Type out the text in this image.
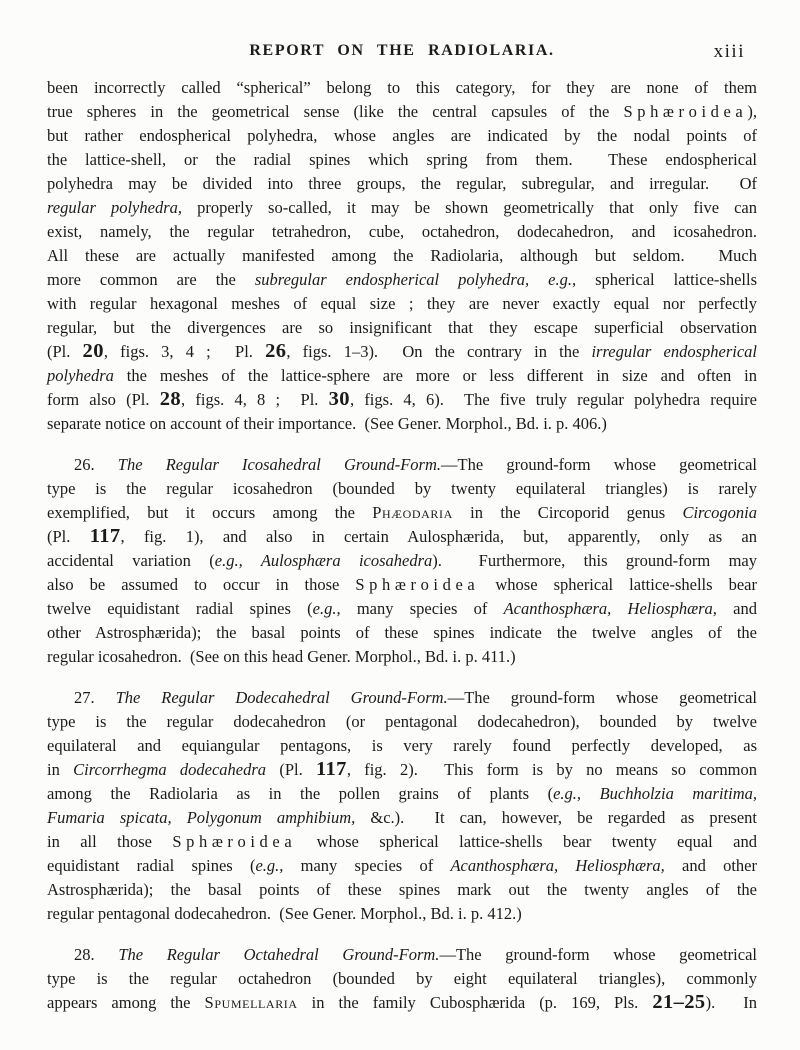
REPORT ON THE RADIOLARIA.	xiii
been incorrectly called “spherical” belong to this category, for they are none of them
true spheres in the geometrical sense (like the central capsules of the Sphæroidea),
but rather endospherical polyhedra, whose angles are indicated by the nodal points of
the lattice-shell, or the radial spines which spring from them.  These endospherical
polyhedra may be divided into three groups, the regular, subregular, and irregular.  Of
regular polyhedra, properly so-called, it may be shown geometrically that only five can
exist, namely, the regular tetrahedron, cube, octahedron, dodecahedron, and icosahedron.
All these are actually manifested among the Radiolaria, although but seldom.  Much
more common are the subregular endospherical polyhedra, e.g., spherical lattice-shells
with regular hexagonal meshes of equal size ; they are never exactly equal nor perfectly
regular, but the divergences are so insignificant that they escape superficial observation
(Pl. 20, figs. 3, 4 ;  Pl. 26, figs. 1–3).  On the contrary in the irregular endospherical
polyhedra the meshes of the lattice-sphere are more or less different in size and often in
form also (Pl. 28, figs. 4, 8 ;  Pl. 30, figs. 4, 6).  The five truly regular polyhedra require
separate notice on account of their importance.  (See Gener. Morphol., Bd. i. p. 406.)
26. The Regular Icosahedral Ground-Form.—The ground-form whose geometrical
type is the regular icosahedron (bounded by twenty equilateral triangles) is rarely
exemplified, but it occurs among the Phæodaria in the Circoporid genus Circogonia
(Pl. 117, fig. 1), and also in certain Aulosphærida, but, apparently, only as an
accidental variation (e.g., Aulosphæra icosahedra).  Furthermore, this ground-form may
also be assumed to occur in those Sphæroidea whose spherical lattice-shells bear
twelve equidistant radial spines (e.g., many species of Acanthosphæra, Heliosphæra, and
other Astrosphærida); the basal points of these spines indicate the twelve angles of the
regular icosahedron.  (See on this head Gener. Morphol., Bd. i. p. 411.)
27. The Regular Dodecahedral Ground-Form.—The ground-form whose geometrical
type is the regular dodecahedron (or pentagonal dodecahedron), bounded by twelve
equilateral and equiangular pentagons, is very rarely found perfectly developed, as
in Circorrhegma dodecahedra (Pl. 117, fig. 2).  This form is by no means so common
among the Radiolaria as in the pollen grains of plants (e.g., Buchholzia maritima,
Fumaria spicata, Polygonum amphibium, &c.).  It can, however, be regarded as present
in all those Sphæroidea whose spherical lattice-shells bear twenty equal and
equidistant radial spines (e.g., many species of Acanthosphæra, Heliosphæra, and other
Astrosphærida); the basal points of these spines mark out the twenty angles of the
regular pentagonal dodecahedron.  (See Gener. Morphol., Bd. i. p. 412.)
28. The Regular Octahedral Ground-Form.—The ground-form whose geometrical
type is the regular octahedron (bounded by eight equilateral triangles), commonly
appears among the Spumellaria in the family Cubosphærida (p. 169, Pls. 21–25).  In
